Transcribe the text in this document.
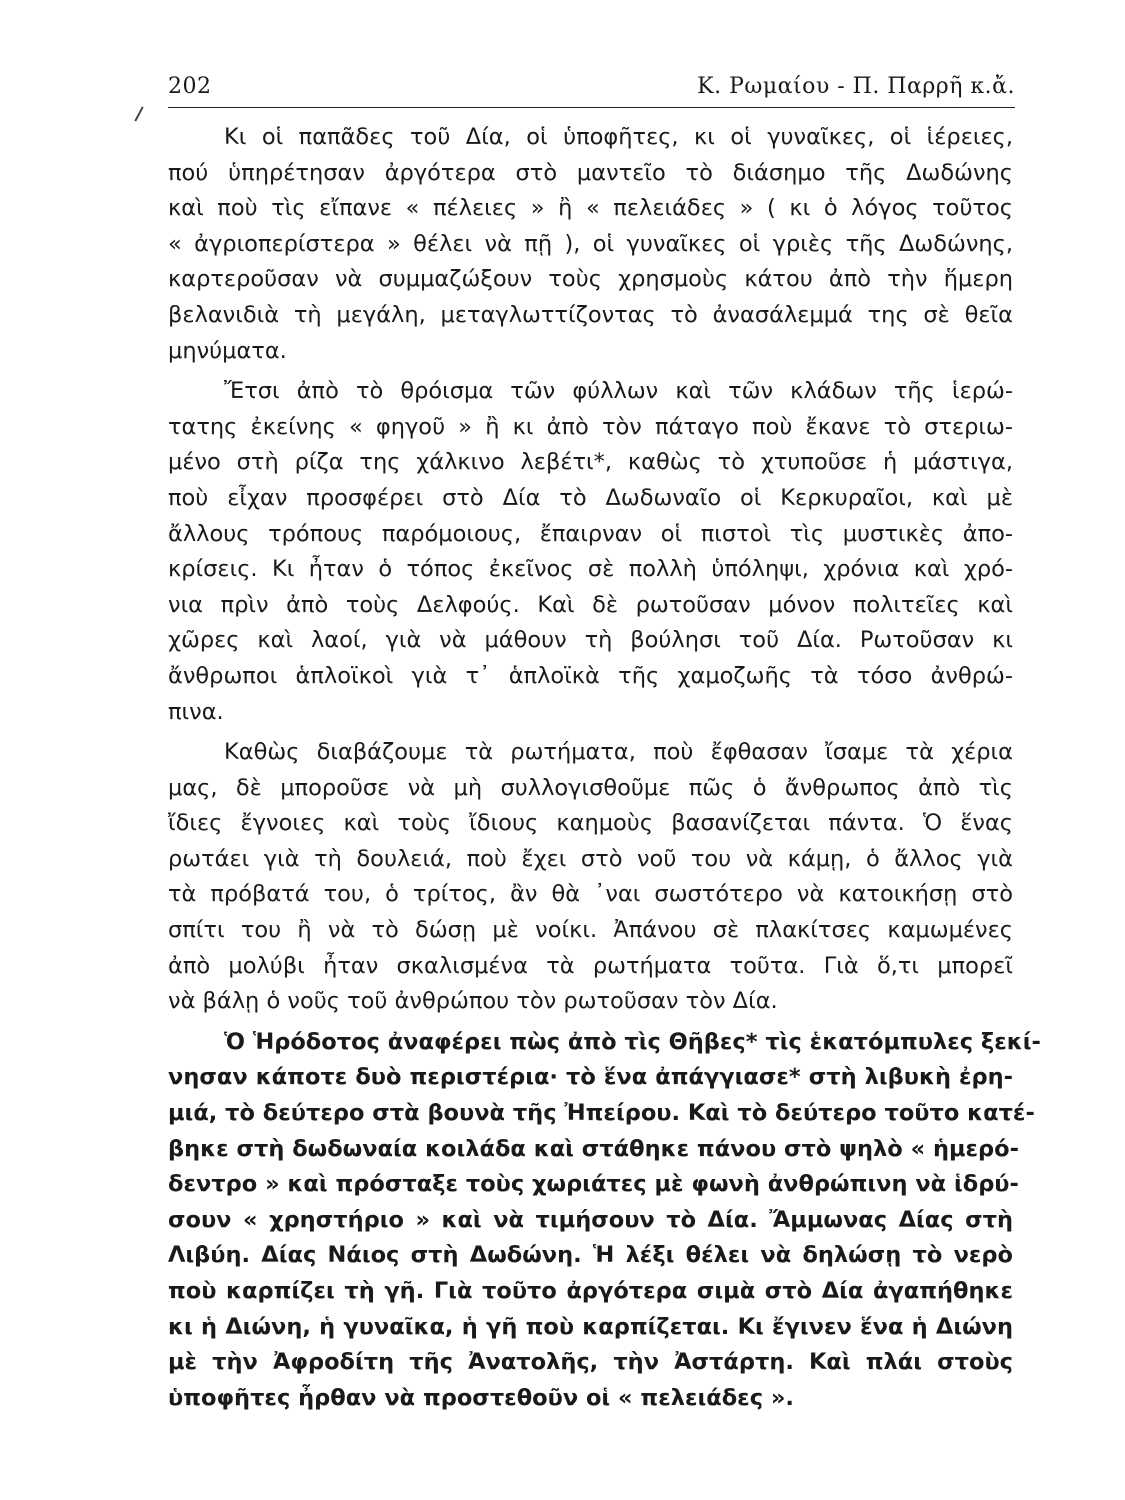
202	Κ. Ρωμαίου - Π. Παρρῆ κ.ἄ.
Κι οἱ παπᾶδες τοῦ Δία, οἱ ὑποφῆτες, κι οἱ γυναῖκες, οἱ ἱέρειες,
πού ὑπηρέτησαν ἀργότερα στὸ μαντεῖο τὸ διάσημο τῆς Δωδώνης
καὶ ποὺ τὶς εἴπανε « πέλειες » ἢ « πελειάδες » ( κι ὁ λόγος τοῦτος
« ἀγριοπερίστερα » θέλει νὰ πῇ ), οἱ γυναῖκες οἱ γριὲς τῆς Δωδώνης,
καρτεροῦσαν νὰ συμμαζώξουν τοὺς χρησμοὺς κάτου ἀπὸ τὴν ἥμερη
βελανιδιὰ τὴ μεγάλη, μεταγλωττίζοντας τὸ ἀνασάλεμμά της σὲ θεῖα
μηνύματα.
Ἔτσι ἀπὸ τὸ θρόισμα τῶν φύλλων καὶ τῶν κλάδων τῆς ἱερώ-
τατης ἐκείνης « φηγοῦ » ἢ κι ἀπὸ τὸν πάταγο ποὺ ἔκανε τὸ στεριω-
μένο στὴ ρίζα της χάλκινο λεβέτι*, καθὼς τὸ χτυποῦσε ἡ μάστιγα,
ποὺ εἶχαν προσφέρει στὸ Δία τὸ Δωδωναῖο οἱ Κερκυραῖοι, καὶ μὲ
ἄλλους τρόπους παρόμοιους, ἔπαιρναν οἱ πιστοὶ τὶς μυστικὲς ἀπο-
κρίσεις. Κι ἦταν ὁ τόπος ἐκεῖνος σὲ πολλὴ ὑπόληψι, χρόνια καὶ χρό-
νια πρὶν ἀπὸ τοὺς Δελφούς. Καὶ δὲ ρωτοῦσαν μόνον πολιτεῖες καὶ
χῶρες καὶ λαοί, γιὰ νὰ μάθουν τὴ βούλησι τοῦ Δία. Ρωτοῦσαν κι
ἄνθρωποι ἁπλοϊκοὶ γιὰ τ᾽ ἁπλοϊκὰ τῆς χαμοζωῆς τὰ τόσο ἀνθρώ-
πινα.
Καθὼς διαβάζουμε τὰ ρωτήματα, ποὺ ἔφθασαν ἴσαμε τὰ χέρια
μας, δὲ μποροῦσε νὰ μὴ συλλογισθοῦμε πῶς ὁ ἄνθρωπος ἀπὸ τὶς
ἴδιες ἔγνοιες καὶ τοὺς ἴδιους καημοὺς βασανίζεται πάντα. Ὁ ἕνας
ρωτάει γιὰ τὴ δουλειά, ποὺ ἔχει στὸ νοῦ του νὰ κάμῃ, ὁ ἄλλος γιὰ
τὰ πρόβατά του, ὁ τρίτος, ἂν θὰ ᾽ναι σωστότερο νὰ κατοικήσῃ στὸ
σπίτι του ἢ νὰ τὸ δώσῃ μὲ νοίκι. Ἀπάνου σὲ πλακίτσες καμωμένες
ἀπὸ μολύβι ἦταν σκαλισμένα τὰ ρωτήματα τοῦτα. Γιὰ ὅ,τι μπορεῖ
νὰ βάλῃ ὁ νοῦς τοῦ ἀνθρώπου τὸν ρωτοῦσαν τὸν Δία.
Ὁ Ἡρόδοτος ἀναφέρει πὼς ἀπὸ τὶς Θῆβες* τὶς ἑκατόμπυλες ξεκί-
νησαν κάποτε δυὸ περιστέρια· τὸ ἕνα ἀπάγγιασε* στὴ λιβυκὴ ἐρη-
μιά, τὸ δεύτερο στὰ βουνὰ τῆς Ἠπείρου. Καὶ τὸ δεύτερο τοῦτο κατέ-
βηκε στὴ δωδωναία κοιλάδα καὶ στάθηκε πάνου στὸ ψηλὸ « ἡμερό-
δεντρο » καὶ πρόσταξε τοὺς χωριάτες μὲ φωνὴ ἀνθρώπινη νὰ ἱδρύ-
σουν « χρηστήριο » καὶ νὰ τιμήσουν τὸ Δία. Ἄμμωνας Δίας στὴ
Λιβύη. Δίας Νάιος στὴ Δωδώνη. Ἡ λέξι θέλει νὰ δηλώσῃ τὸ νερὸ
ποὺ καρπίζει τὴ γῆ. Γιὰ τοῦτο ἀργότερα σιμὰ στὸ Δία ἀγαπήθηκε
κι ἡ Διώνη, ἡ γυναῖκα, ἡ γῆ ποὺ καρπίζεται. Κι ἔγινεν ἕνα ἡ Διώνη
μὲ τὴν Ἀφροδίτη τῆς Ἀνατολῆς, τὴν Ἀστάρτη. Καὶ πλάι στοὺς
ὑποφῆτες ἦρθαν νὰ προστεθοῦν οἱ « πελειάδες ».
